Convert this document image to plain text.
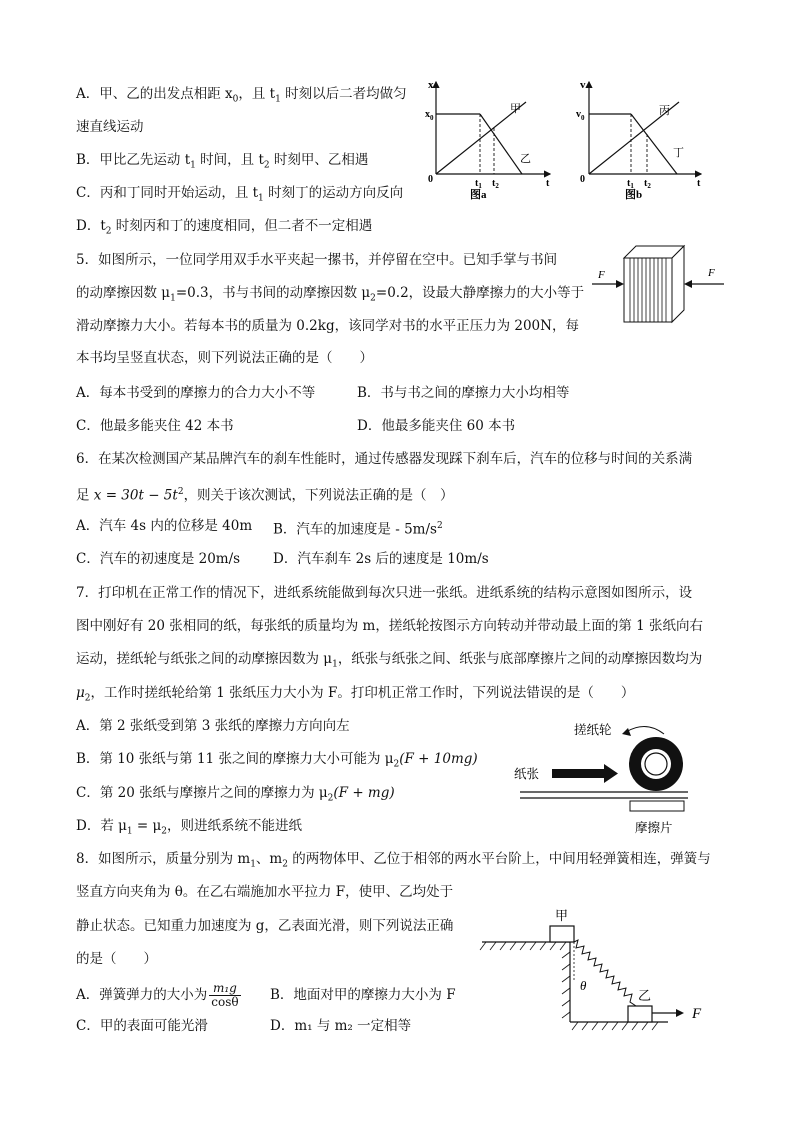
A．甲、乙的出发点相距 $x_0$，且 $t_1$ 时刻以后二者均做匀
速直线运动
B．甲比乙先运动 $t_1$ 时间，且 $t_2$ 时刻甲、乙相遇
C．丙和丁同时开始运动，且 $t_1$ 时刻丁的运动方向反向
D．$t_2$ 时刻丙和丁的速度相同，但二者不一定相遇
x
$x_0$
0	t
$t_1$ $t_2$
甲
乙
图a
v
$v_0$
0	t
$t_1$ $t_2$
丙
丁
图b
5．如图所示，一位同学用双手水平夹起一摞书，并停留在空中。已知手掌与书间
的动摩擦因数 $\mu_1=0.3$，书与书间的动摩擦因数 $\mu_2=0.2$，设最大静摩擦力的大小等于
滑动摩擦力大小。若每本书的质量为 0.2kg，该同学对书的水平正压力为 200N，每
本书均呈竖直状态，则下列说法正确的是（　　）
A．每本书受到的摩擦力的合力大小不等	B．书与书之间的摩擦力大小均相等
C．他最多能夹住 42 本书	D．他最多能夹住 60 本书
F	F
6．在某次检测国产某品牌汽车的刹车性能时，通过传感器发现踩下刹车后，汽车的位移与时间的关系满
足 $x = 30t - 5t^2$，则关于该次测试，下列说法正确的是（　）
A．汽车 4s 内的位移是 40m B．汽车的加速度是 - $5m/s^2$
C．汽车的初速度是 20m/s D．汽车刹车 2s 后的速度是 10m/s
7．打印机在正常工作的情况下，进纸系统能做到每次只进一张纸。进纸系统的结构示意图如图所示，设
图中刚好有 20 张相同的纸，每张纸的质量均为 m，搓纸轮按图示方向转动并带动最上面的第 1 张纸向右
运动，搓纸轮与纸张之间的动摩擦因数为 $\mu_1$，纸张与纸张之间、纸张与底部摩擦片之间的动摩擦因数均为
$\mu_2$，工作时搓纸轮给第 1 张纸压力大小为 F。打印机正常工作时，下列说法错误的是（　　）
A．第 2 张纸受到第 3 张纸的摩擦力方向向左
B．第 10 张纸与第 11 张之间的摩擦力大小可能为 $\mu_2(F + 10mg)$
C．第 20 张纸与摩擦片之间的摩擦力为 $\mu_2(F + mg)$
D．若 $\mu_1 = \mu_2$，则进纸系统不能进纸
搓纸轮
纸张
摩擦片
8．如图所示，质量分别为 $m_1$、$m_2$ 的两物体甲、乙位于相邻的两水平台阶上，中间用轻弹簧相连，弹簧与
竖直方向夹角为 θ。在乙右端施加水平拉力 F，使甲、乙均处于
静止状态。已知重力加速度为 g，乙表面光滑，则下列说法正确
的是（　　）
A．弹簧弹力的大小为 $\frac{\text{m₁g}}{\cos\theta}$ B．地面对甲的摩擦力大小为 F
C．甲的表面可能光滑	D．m₁ 与 m₂ 一定相等
甲
θ
乙
F
